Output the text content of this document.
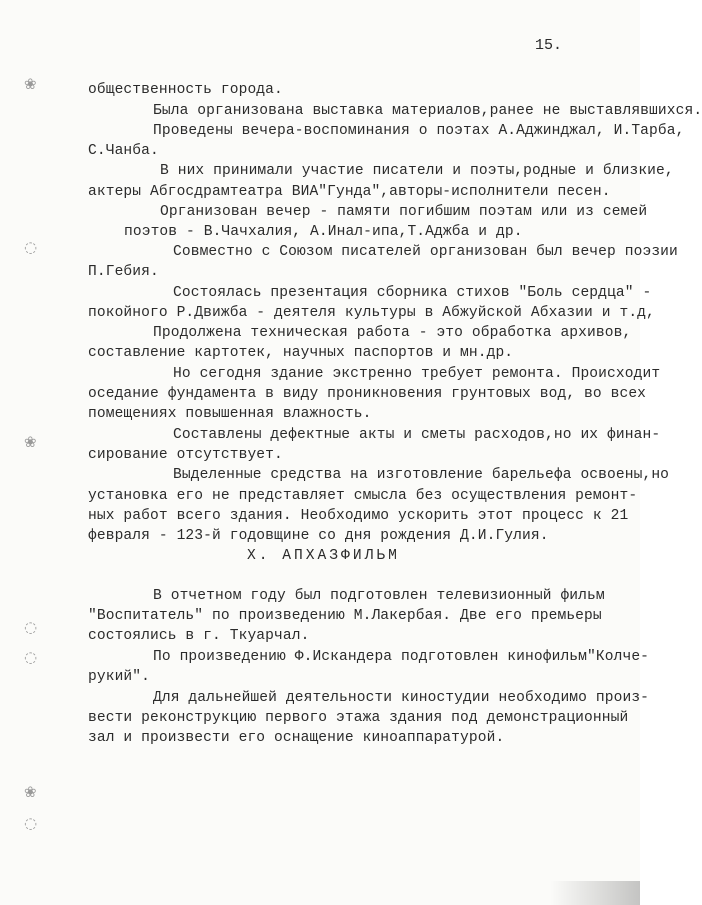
15.
❀
◌
❀
◌
◌
❀
◌
общественность города.
Была организована выставка материалов,ранее не выставлявшихся.
Проведены вечера-воспоминания о поэтах А.Аджинджал, И.Тарба,
С.Чанба.
В них принимали участие писатели и поэты,родные и близкие,
актеры Абгосдрамтеатра ВИА"Гунда",авторы-исполнители песен.
Организован вечер - памяти погибшим поэтам или из семей
поэтов - В.Чачхалия, А.Инал-ипа,Т.Аджба и др.
Совместно с Союзом писателей организован был вечер поэзии
П.Гебия.
Состоялась презентация сборника стихов "Боль сердца" -
покойного Р.Движба - деятеля культуры в Абжуйской Абхазии и т.д,
Продолжена техническая работа - это обработка архивов,
составление картотек, научных паспортов и мн.др.
Но сегодня здание экстренно требует ремонта. Происходит
оседание фундамента в виду проникновения грунтовых вод, во всех
помещениях повышенная влажность.
Составлены дефектные акты и сметы расходов,но их финан-
сирование отсутствует.
Выделенные средства на изготовление барельефа освоены,но
установка его не представляет смысла без осуществления ремонт-
ных работ всего здания. Необходимо ускорить этот процесс к 21
февраля - 123-й годовщине со дня рождения Д.И.Гулия.
X. АПХАЗФИЛЬМ
В отчетном году был подготовлен телевизионный фильм
"Воспитатель" по произведению М.Лакербая. Две его премьеры
состоялись в г. Ткуарчал.
По произведению Ф.Искандера подготовлен кинофильм"Колче-
рукий".
Для дальнейшей деятельности киностудии необходимо произ-
вести реконструкцию первого этажа здания под демонстрационный
зал и произвести его оснащение киноаппаратурой.
